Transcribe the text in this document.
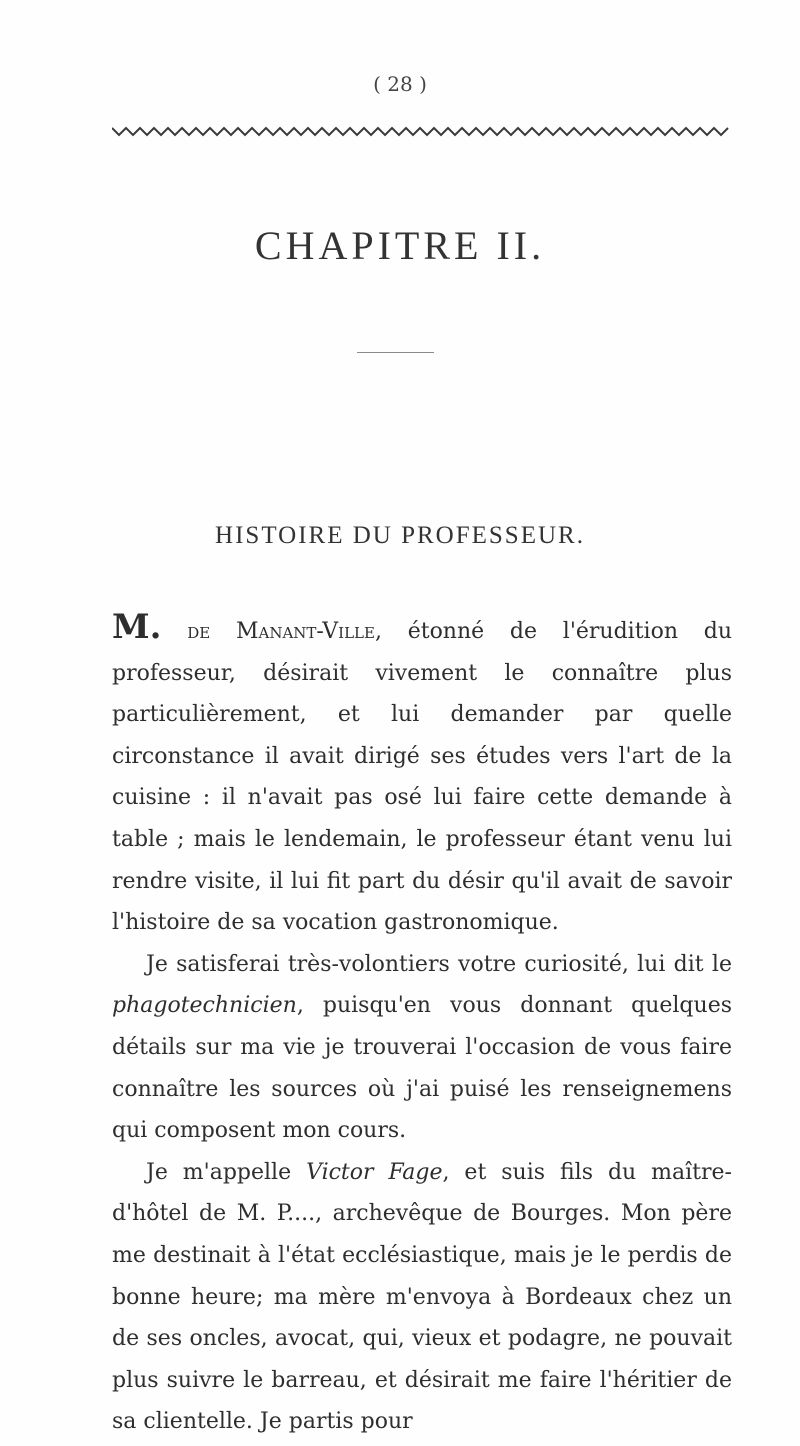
( 28 )
CHAPITRE II.
HISTOIRE DU PROFESSEUR.

M. de Manant-Ville, étonné de l'érudition du professeur, désirait vivement le connaître plus particulièrement, et lui demander par quelle circonstance il avait dirigé ses études vers l'art de la cuisine : il n'avait pas osé lui faire cette demande à table ; mais le lendemain, le professeur étant venu lui rendre visite, il lui fit part du désir qu'il avait de savoir l'histoire de sa vocation gastronomique.

Je satisferai très-volontiers votre curiosité, lui dit le phagotechnicien, puisqu'en vous donnant quelques détails sur ma vie je trouverai l'occasion de vous faire connaître les sources où j'ai puisé les renseignemens qui composent mon cours.

Je m'appelle Victor Fage, et suis fils du maître-d'hôtel de M. P...., archevêque de Bourges. Mon père me destinait à l'état ecclésiastique, mais je le perdis de bonne heure; ma mère m'envoya à Bordeaux chez un de ses oncles, avocat, qui, vieux et podagre, ne pouvait plus suivre le barreau, et désirait me faire l'héritier de sa clientelle. Je partis pour
